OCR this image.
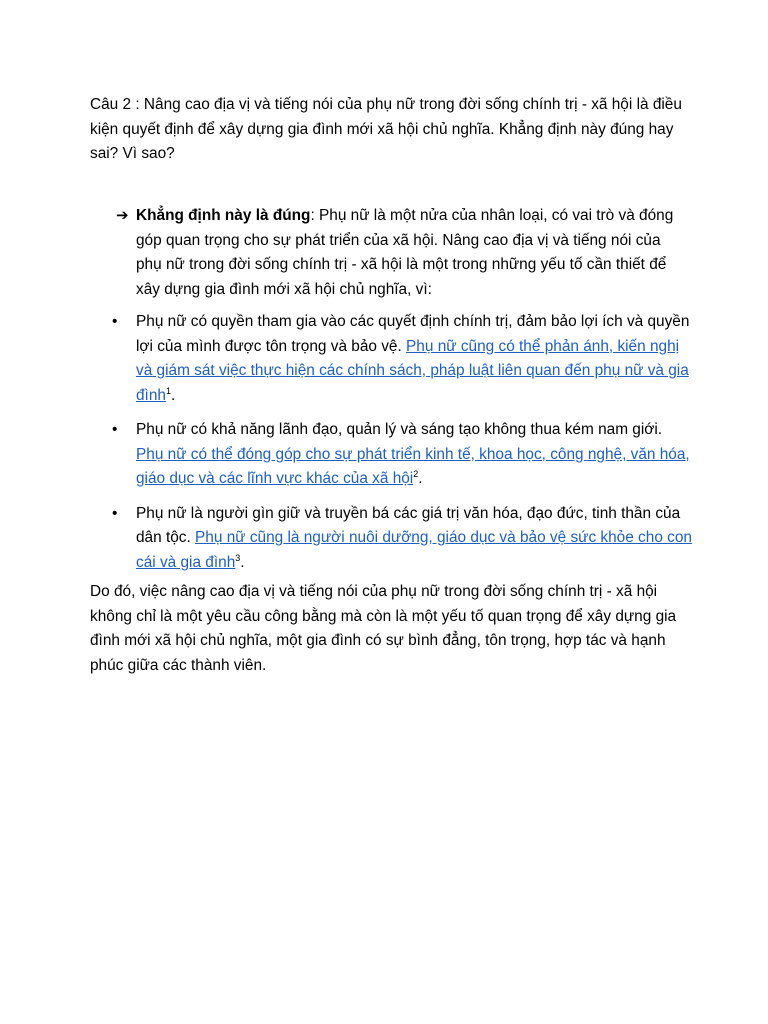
Câu 2 : Nâng cao địa vị và tiếng nói của phụ nữ trong đời sống chính trị - xã hội là điều kiện quyết định để xây dựng gia đình mới xã hội chủ nghĩa. Khẳng định này đúng hay sai? Vì sao?

➔ Khẳng định này là đúng: Phụ nữ là một nửa của nhân loại, có vai trò và đóng góp quan trọng cho sự phát triển của xã hội. Nâng cao địa vị và tiếng nói của phụ nữ trong đời sống chính trị - xã hội là một trong những yếu tố cần thiết để xây dựng gia đình mới xã hội chủ nghĩa, vì:
• Phụ nữ có quyền tham gia vào các quyết định chính trị, đảm bảo lợi ích và quyền lợi của mình được tôn trọng và bảo vệ. Phụ nữ cũng có thể phản ánh, kiến nghị và giám sát việc thực hiện các chính sách, pháp luật liên quan đến phụ nữ và gia đình$^1$.
• Phụ nữ có khả năng lãnh đạo, quản lý và sáng tạo không thua kém nam giới. Phụ nữ có thể đóng góp cho sự phát triển kinh tế, khoa học, công nghệ, văn hóa, giáo dục và các lĩnh vực khác của xã hội$^2$.
• Phụ nữ là người gìn giữ và truyền bá các giá trị văn hóa, đạo đức, tinh thần của dân tộc. Phụ nữ cũng là người nuôi dưỡng, giáo dục và bảo vệ sức khỏe cho con cái và gia đình$^3$.

Do đó, việc nâng cao địa vị và tiếng nói của phụ nữ trong đời sống chính trị - xã hội không chỉ là một yêu cầu công bằng mà còn là một yếu tố quan trọng để xây dựng gia đình mới xã hội chủ nghĩa, một gia đình có sự bình đẳng, tôn trọng, hợp tác và hạnh phúc giữa các thành viên.
